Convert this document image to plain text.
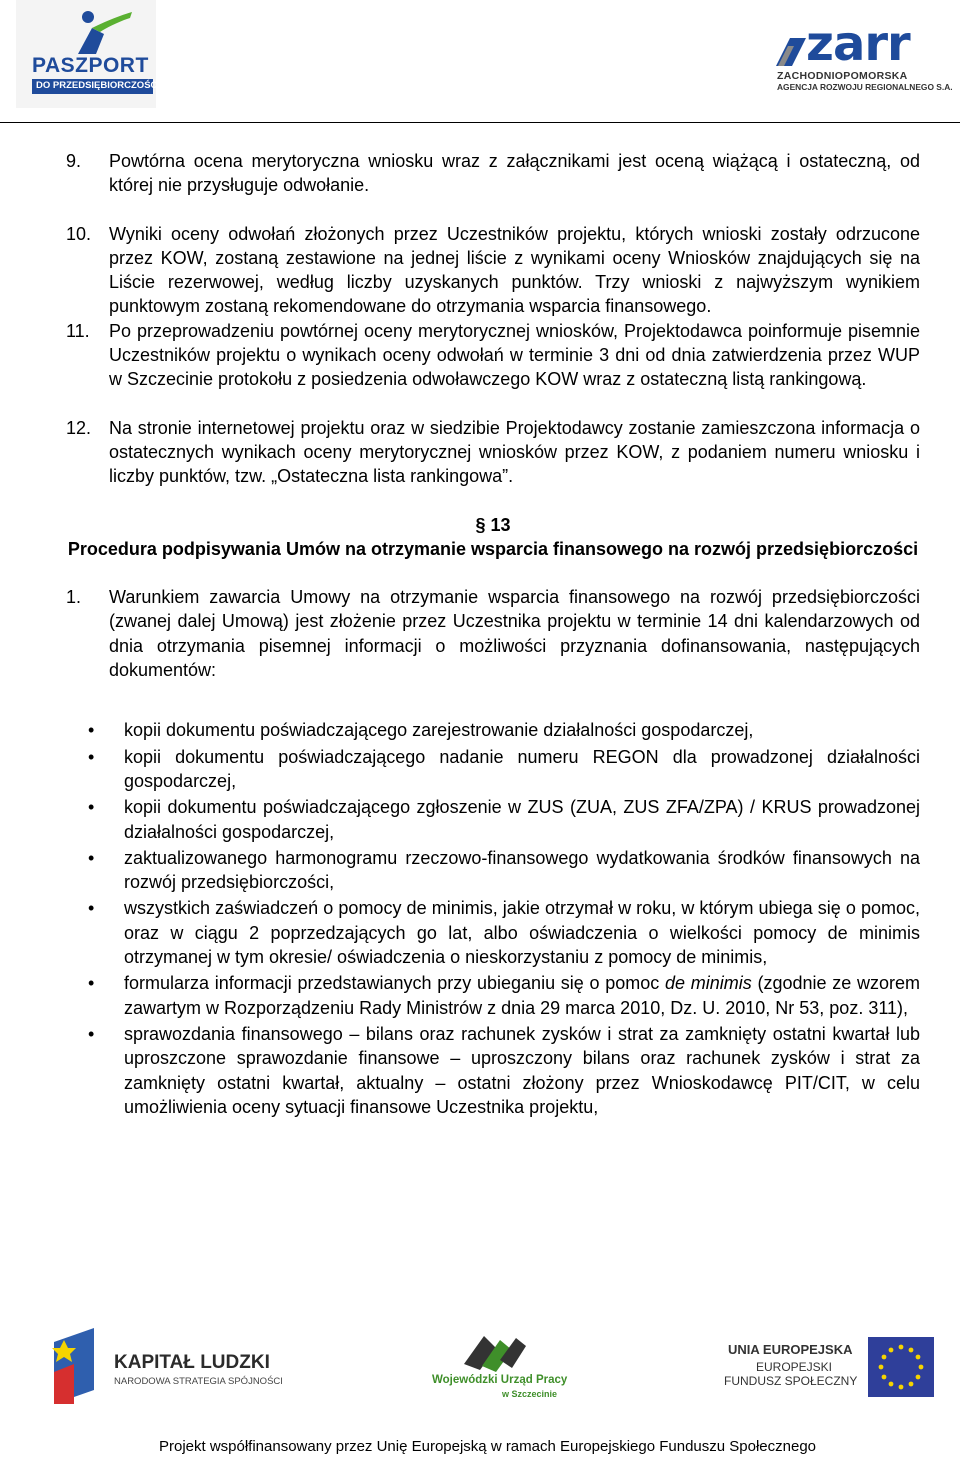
PASZPORT
DO PRZEDSIĘBIORCZOŚCI
zarr
ZACHODNIOPOMORSKA
AGENCJA ROZWOJU REGIONALNEGO S.A.
9. Powtórna ocena merytoryczna wniosku wraz z załącznikami jest oceną wiążącą i ostateczną, od której nie przysługuje odwołanie.
10. Wyniki oceny odwołań złożonych przez Uczestników projektu, których wnioski zostały odrzucone przez KOW, zostaną zestawione na jednej liście z wynikami oceny Wniosków znajdujących się na Liście rezerwowej, według liczby uzyskanych punktów. Trzy wnioski z najwyższym wynikiem punktowym zostaną rekomendowane do otrzymania wsparcia finansowego.
11. Po przeprowadzeniu powtórnej oceny merytorycznej wniosków, Projektodawca poinformuje pisemnie Uczestników projektu o wynikach oceny odwołań w terminie 3 dni od dnia zatwierdzenia przez WUP w Szczecinie protokołu z posiedzenia odwoławczego KOW wraz z ostateczną listą rankingową.
12. Na stronie internetowej projektu oraz w siedzibie Projektodawcy zostanie zamieszczona informacja o ostatecznych wynikach oceny merytorycznej wniosków przez KOW, z podaniem numeru wniosku i liczby punktów, tzw. „Ostateczna lista rankingowa”.
§ 13
Procedura podpisywania Umów na otrzymanie wsparcia finansowego na rozwój przedsiębiorczości
1. Warunkiem zawarcia Umowy na otrzymanie wsparcia finansowego na rozwój przedsiębiorczości (zwanej dalej Umową) jest złożenie przez Uczestnika projektu w terminie 14 dni kalendarzowych od dnia otrzymania pisemnej informacji o możliwości przyznania dofinansowania, następujących dokumentów:
• kopii dokumentu poświadczającego zarejestrowanie działalności gospodarczej,
• kopii dokumentu poświadczającego nadanie numeru REGON dla prowadzonej działalności gospodarczej,
• kopii dokumentu poświadczającego zgłoszenie w ZUS (ZUA, ZUS ZFA/ZPA) / KRUS prowadzonej działalności gospodarczej,
• zaktualizowanego harmonogramu rzeczowo-finansowego wydatkowania środków finansowych na rozwój przedsiębiorczości,
• wszystkich zaświadczeń o pomocy de minimis, jakie otrzymał w roku, w którym ubiega się o pomoc, oraz w ciągu 2 poprzedzających go lat, albo oświadczenia o wielkości pomocy de minimis otrzymanej w tym okresie/ oświadczenia o nieskorzystaniu z pomocy de minimis,
• formularza informacji przedstawianych przy ubieganiu się o pomoc de minimis (zgodnie ze wzorem zawartym w Rozporządzeniu Rady Ministrów z dnia 29 marca 2010, Dz. U. 2010, Nr 53, poz. 311),
• sprawozdania finansowego – bilans oraz rachunek zysków i strat za zamknięty ostatni kwartał lub uproszczone sprawozdanie finansowe – uproszczony bilans oraz rachunek zysków i strat za zamknięty ostatni kwartał, aktualny – ostatni złożony przez Wnioskodawcę PIT/CIT, w celu umożliwienia oceny sytuacji finansowe Uczestnika projektu,
KAPITAŁ LUDZKI
NARODOWA STRATEGIA SPÓJNOŚCI	Wojewódzki Urząd Pracy
w Szczecinie
UNIA EUROPEJSKA
EUROPEJSKI
FUNDUSZ SPOŁECZNY
Projekt współfinansowany przez Unię Europejską w ramach Europejskiego Funduszu Społecznego
